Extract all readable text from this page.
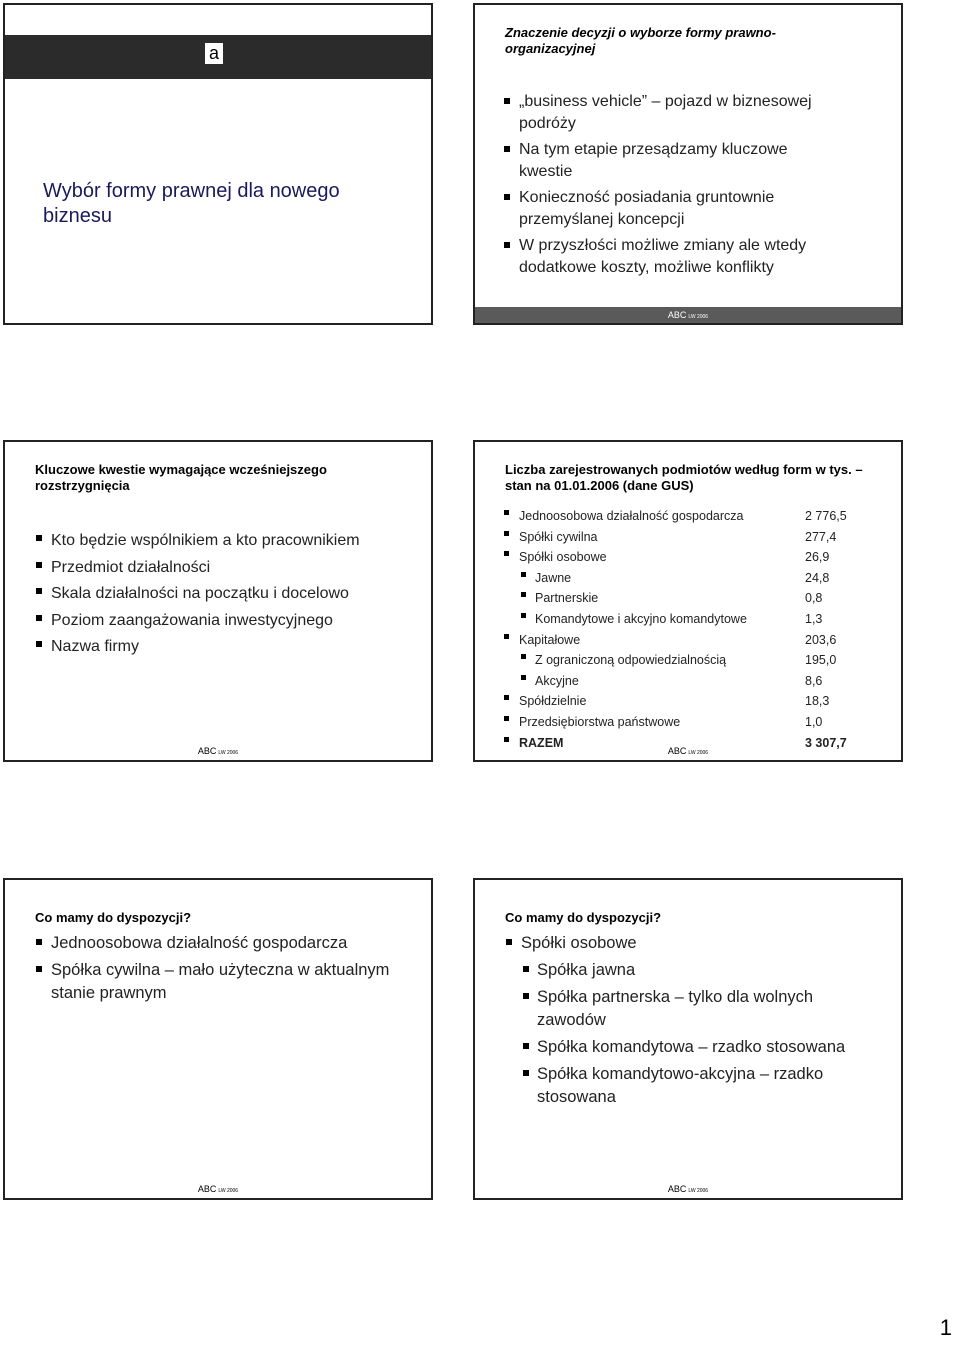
a
Wybór formy prawnej dla nowego biznesu
Znaczenie decyzji o wyborze formy prawno-organizacyjnej
„business vehicle” – pojazd w biznesowej podróży
Na tym etapie przesądzamy kluczowe kwestie
Konieczność posiadania gruntownie przemyślanej koncepcji
W przyszłości możliwe zmiany ale wtedy dodatkowe koszty, możliwe konflikty
ABC LW 2006
Kluczowe kwestie wymagające wcześniejszego rozstrzygnięcia
Kto będzie wspólnikiem a kto pracownikiem
Przedmiot działalności
Skala działalności na początku i docelowo
Poziom zaangażowania inwestycyjnego
Nazwa firmy
ABC LW 2006
Liczba zarejestrowanych podmiotów według form w tys. – stan na 01.01.2006 (dane GUS)
Jednoosobowa działalność gospodarcza	2 776,5
Spółki cywilna	277,4
Spółki osobowe	26,9
Jawne	24,8
Partnerskie	0,8
Komandytowe i akcyjno komandytowe	1,3
Kapitałowe	203,6
Z ograniczoną odpowiedzialnością	195,0
Akcyjne	8,6
Spółdzielnie	18,3
Przedsiębiorstwa państwowe	1,0
RAZEM	3 307,7
ABC LW 2006
Co mamy do dyspozycji?
Jednoosobowa działalność gospodarcza
Spółka cywilna – mało użyteczna w aktualnym stanie prawnym
ABC LW 2006
Co mamy do dyspozycji?
Spółki osobowe
Spółka jawna
Spółka partnerska – tylko dla wolnych zawodów
Spółka komandytowa – rzadko stosowana
Spółka komandytowo-akcyjna – rzadko stosowana
ABC LW 2006
1
